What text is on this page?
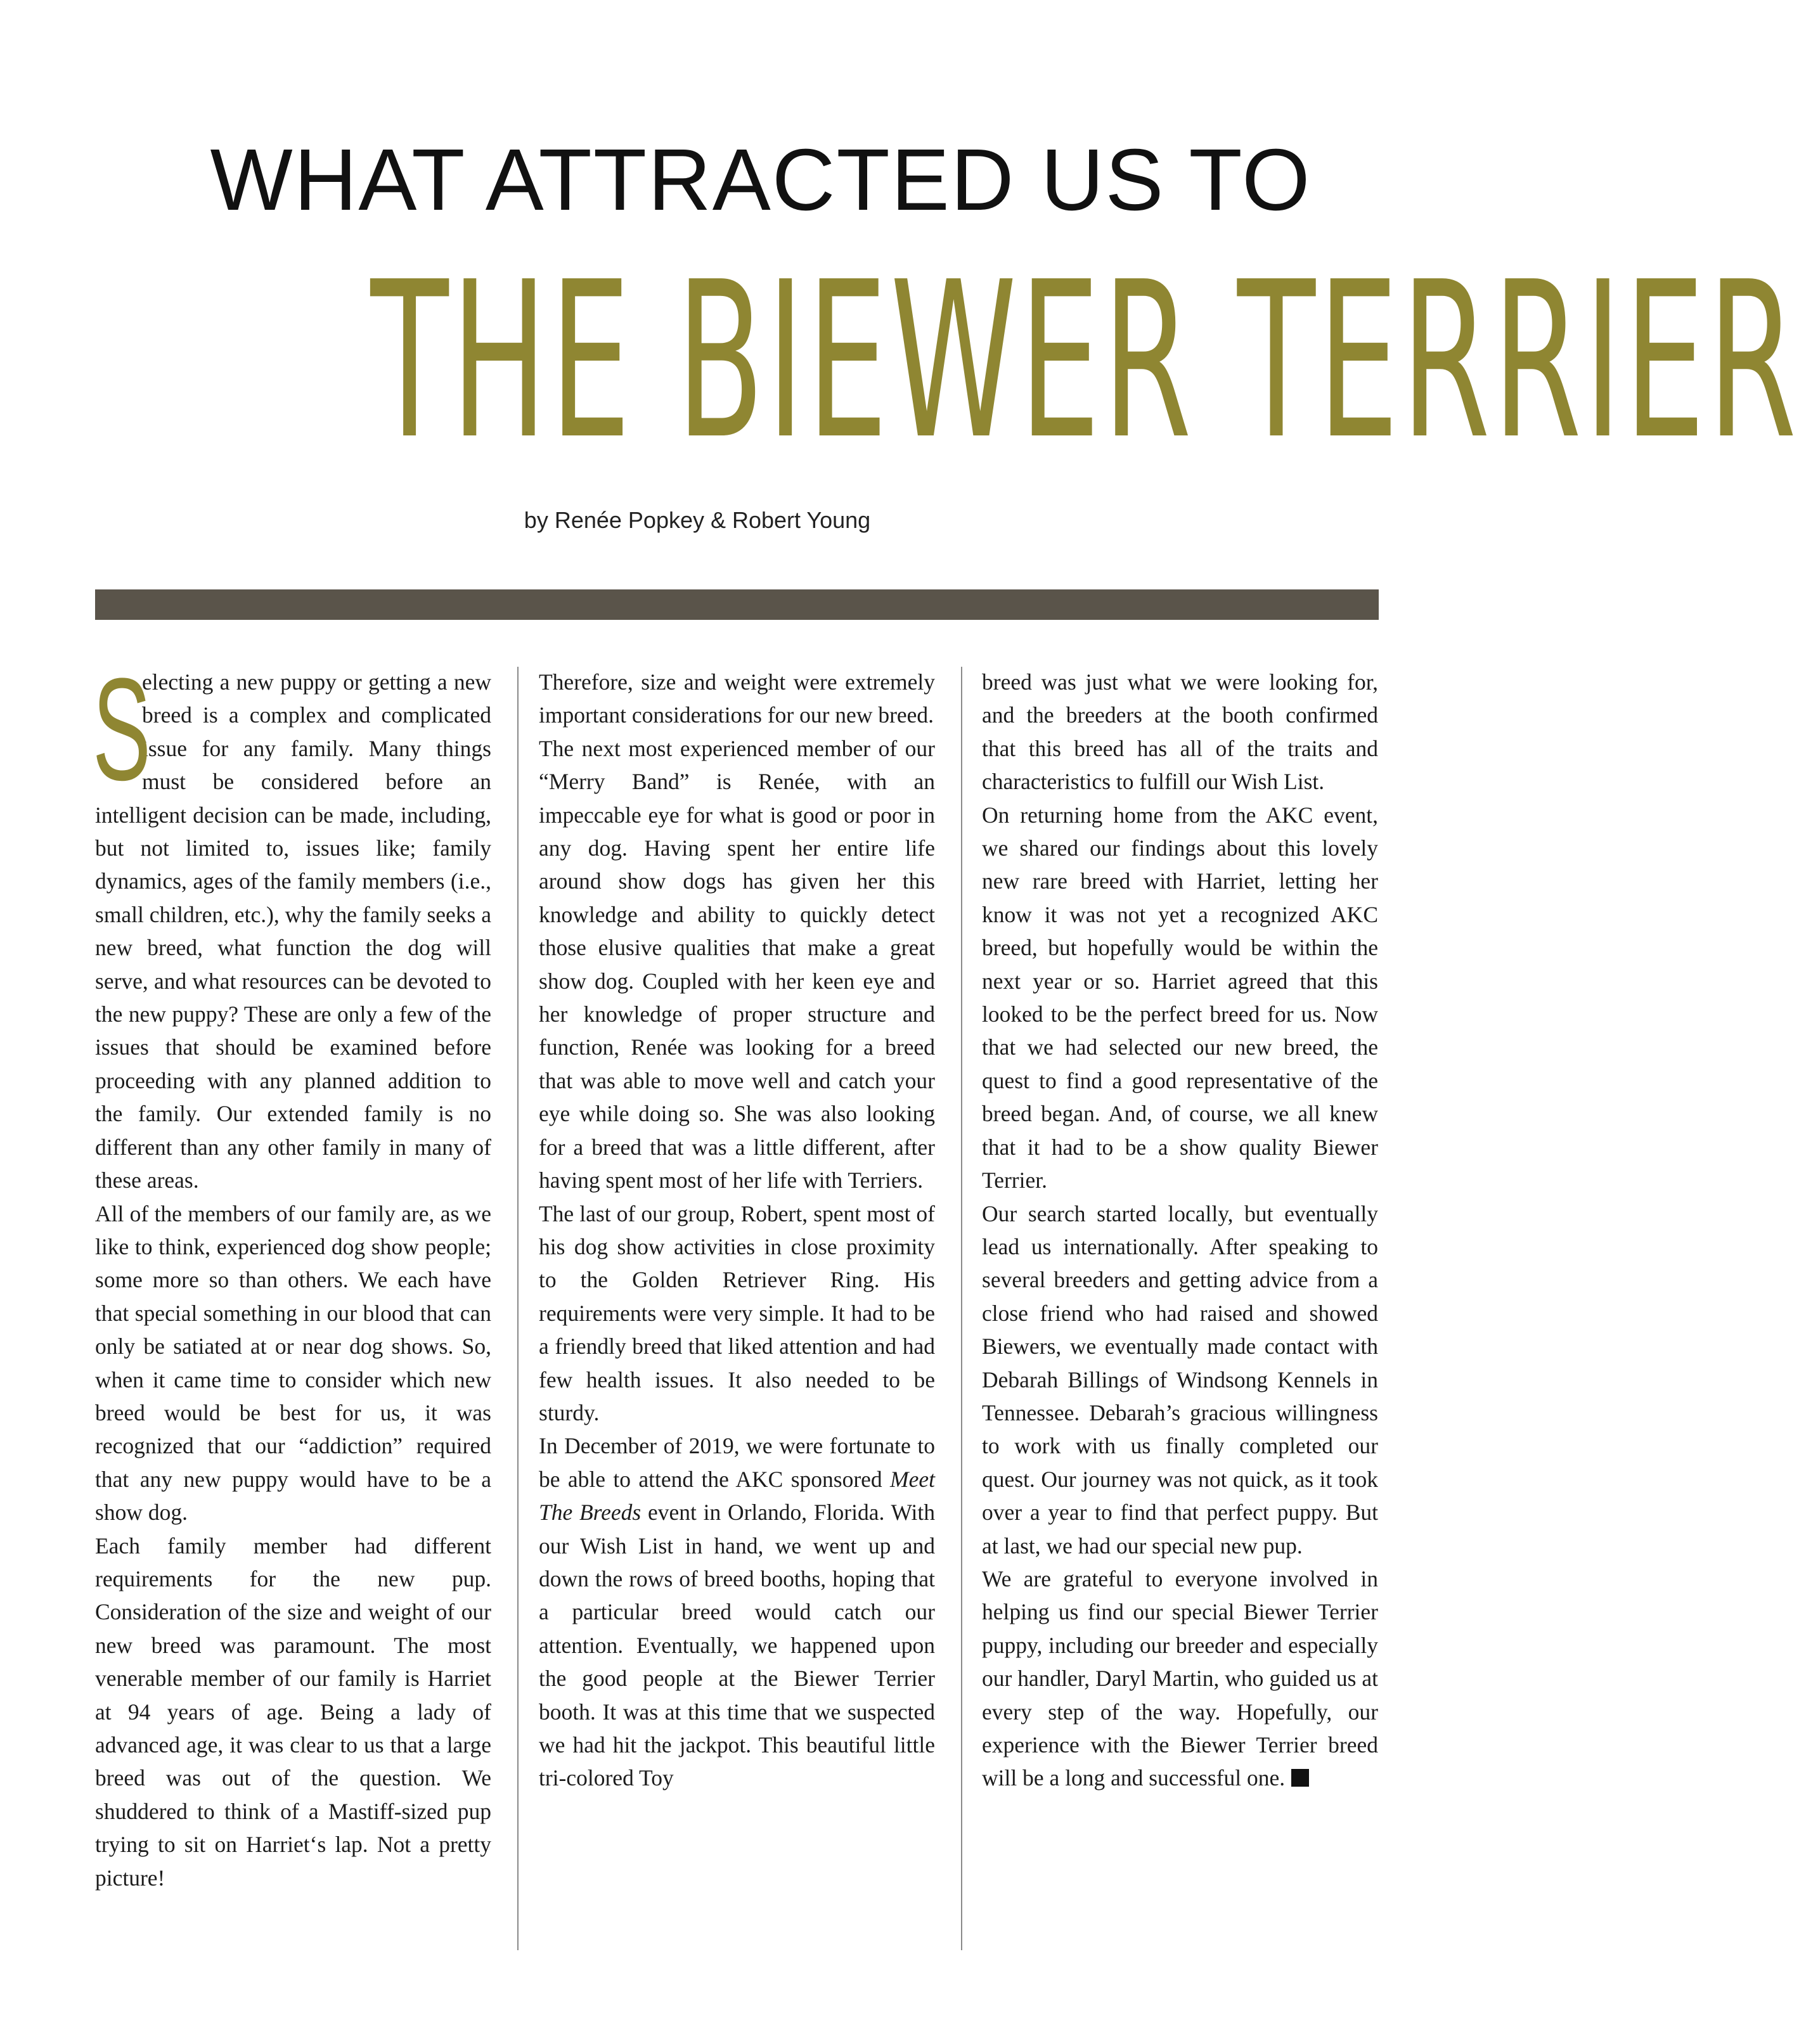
WHAT ATTRACTED US TO
THE BIEWER TERRIER
by Renée Popkey & Robert Young

S
electing a new puppy or getting a new breed is a complex and complicated issue for any family. Many things must be considered before an intelligent decision can be made, including, but not limited to, issues like; family dynamics, ages of the family members (i.e., small children, etc.), why the family seeks a new breed, what function the dog will serve, and what resources can be devoted to the new puppy? These are only a few of the issues that should be examined before proceeding with any planned addition to the family. Our extended family is no different than any other family in many of these areas.

All of the members of our family are, as we like to think, experienced dog show people; some more so than others. We each have that special something in our blood that can only be satiated at or near dog shows. So, when it came time to consider which new breed would be best for us, it was recognized that our “addiction” required that any new puppy would have to be a show dog.

Each family member had different requirements for the new pup. Consideration of the size and weight of our new breed was paramount. The most venerable member of our family is Harriet at 94 years of age. Being a lady of advanced age, it was clear to us that a large breed was out of the question. We shuddered to think of a Mastiff-sized pup trying to sit on Harriet‘s lap. Not a pretty picture!

Therefore, size and weight were extremely important considerations for our new breed.

The next most experienced member of our “Merry Band” is Renée, with an impeccable eye for what is good or poor in any dog. Having spent her entire life around show dogs has given her this knowledge and ability to quickly detect those elusive qualities that make a great show dog. Coupled with her keen eye and her knowledge of proper structure and function, Renée was looking for a breed that was able to move well and catch your eye while doing so. She was also looking for a breed that was a little different, after having spent most of her life with Terriers.

The last of our group, Robert, spent most of his dog show activities in close proximity to the Golden Retriever Ring. His requirements were very simple. It had to be a friendly breed that liked attention and had few health issues. It also needed to be sturdy.

In December of 2019, we were fortunate to be able to attend the AKC sponsored Meet The Breeds event in Orlando, Florida. With our Wish List in hand, we went up and down the rows of breed booths, hoping that a particular breed would catch our attention. Eventually, we happened upon the good people at the Biewer Terrier booth. It was at this time that we suspected we had hit the jackpot. This beautiful little tri-colored Toy

breed was just what we were looking for, and the breeders at the booth confirmed that this breed has all of the traits and characteristics to fulfill our Wish List.

On returning home from the AKC event, we shared our findings about this lovely new rare breed with Harriet, letting her know it was not yet a recognized AKC breed, but hopefully would be within the next year or so. Harriet agreed that this looked to be the perfect breed for us. Now that we had selected our new breed, the quest to find a good representative of the breed began. And, of course, we all knew that it had to be a show quality Biewer Terrier.

Our search started locally, but eventually lead us internationally. After speaking to several breeders and getting advice from a close friend who had raised and showed Biewers, we eventually made contact with Debarah Billings of Windsong Kennels in Tennessee. Debarah’s gracious willingness to work with us finally completed our quest. Our journey was not quick, as it took over a year to find that perfect puppy. But at last, we had our special new pup.

We are grateful to everyone involved in helping us find our special Biewer Terrier puppy, including our breeder and especially our handler, Daryl Martin, who guided us at every step of the way. Hopefully, our experience with the Biewer Terrier breed will be a long and successful one.
